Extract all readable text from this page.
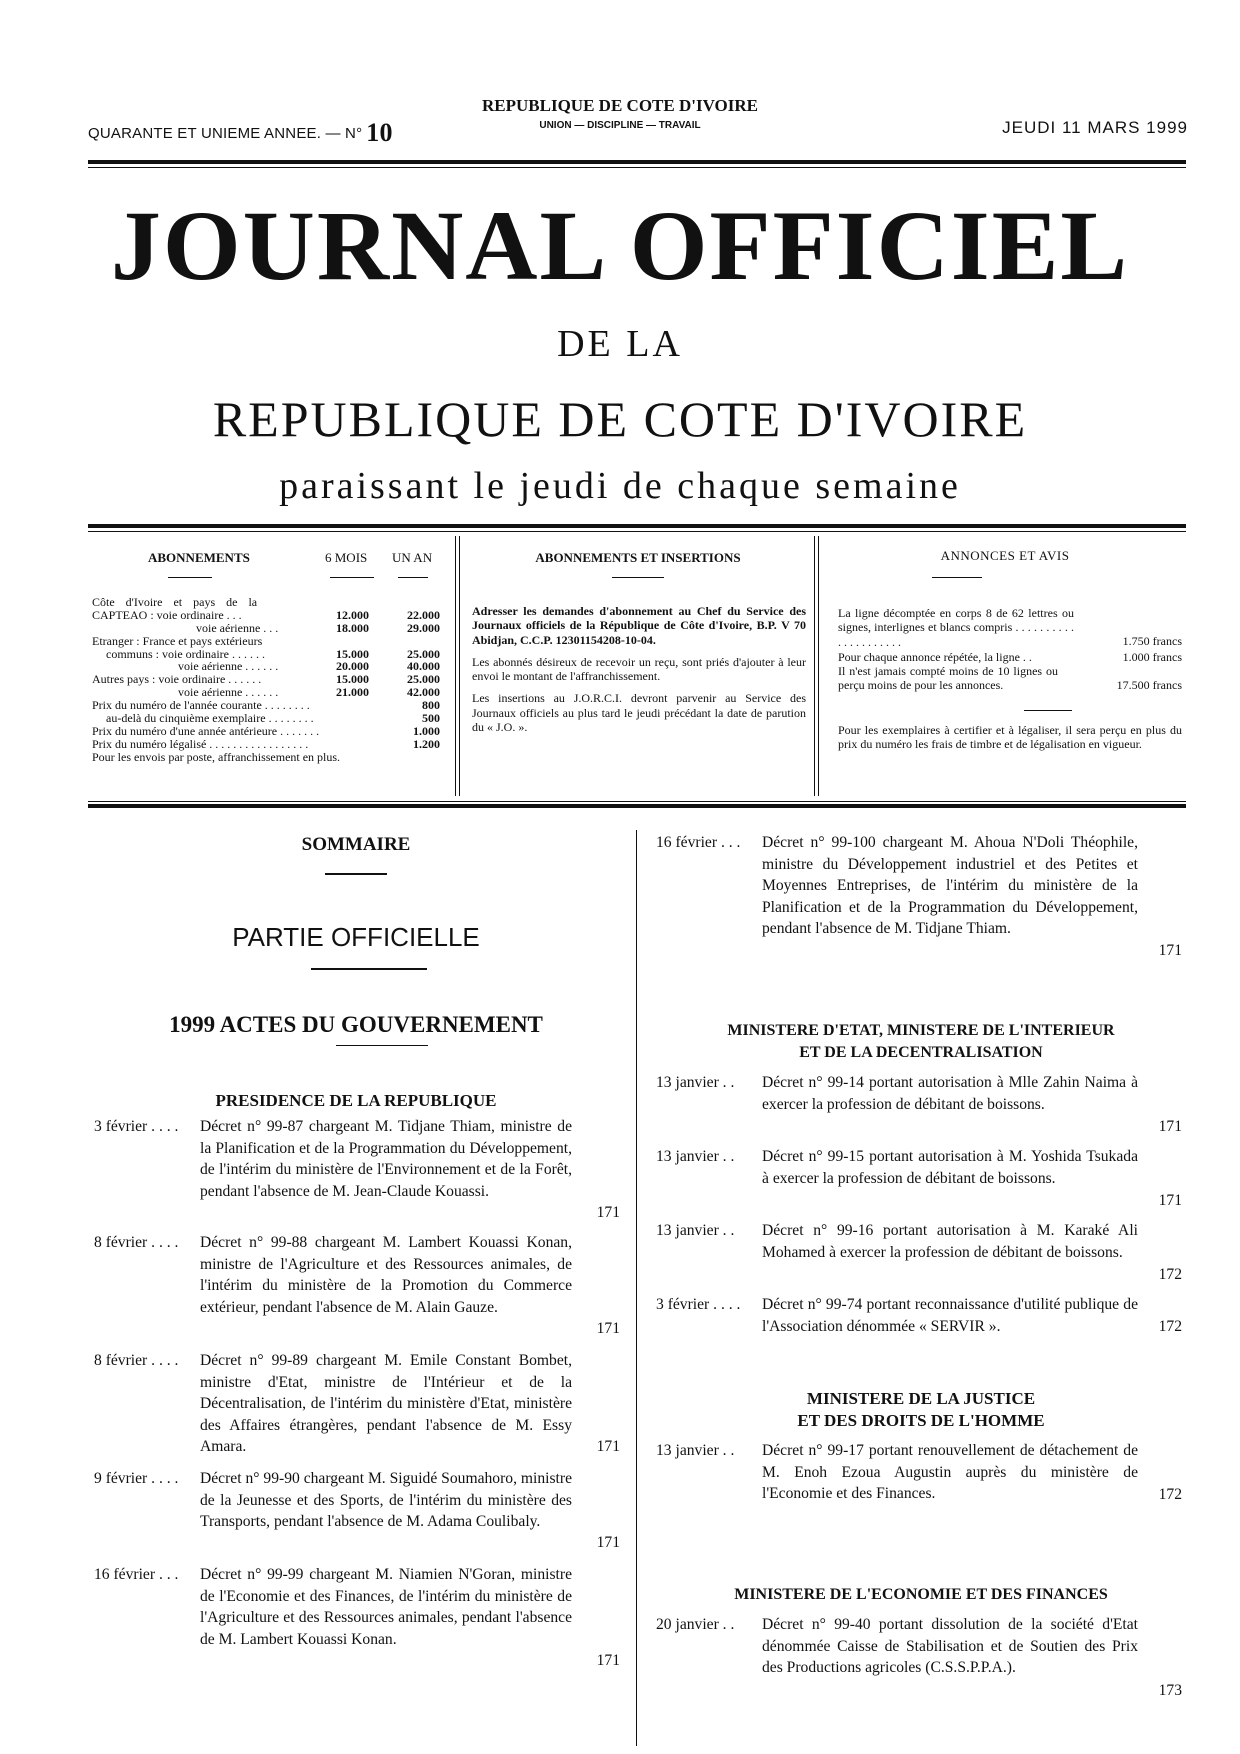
QUARANTE ET UNIEME ANNEE. — N° 10
REPUBLIQUE DE COTE D'IVOIRE
UNION — DISCIPLINE — TRAVAIL	JEUDI 11 MARS 1999
JOURNAL OFFICIEL
DE LA
REPUBLIQUE DE COTE D'IVOIRE
paraissant le jeudi de chaque semaine
ABONNEMENTS	6 MOIS UN AN
Côte d'Ivoire et pays de la
CAPTEAO : voie ordinaire . . .	12.000	22.000
voie aérienne . . .	18.000	29.000
Etranger : France et pays extérieurs
communs : voie ordinaire . . . . . .	15.000	25.000
voie aérienne . . . . . .	20.000	40.000
Autres pays : voie ordinaire . . . . . .	15.000	25.000
voie aérienne . . . . . .	21.000	42.000
Prix du numéro de l'année courante . . . . . . . .	800
au-delà du cinquième exemplaire . . . . . . . .	500
Prix du numéro d'une année antérieure . . . . . . .	1.000
Prix du numéro légalisé . . . . . . . . . . . . . . . . .	1.200
Pour les envois par poste, affranchissement en plus.
ABONNEMENTS ET INSERTIONS

Adresser les demandes d'abonnement au Chef du Service des Journaux officiels de la République de Côte d'Ivoire, B.P. V 70 Abidjan, C.C.P. 12301154208-10-04.

Les abonnés désireux de recevoir un reçu, sont priés d'ajouter à leur envoi le montant de l'affranchissement.

Les insertions au J.O.R.C.I. devront parvenir au Service des Journaux officiels au plus tard le jeudi précédant la date de parution du « J.O. ».

ANNONCES ET AVIS
La ligne décomptée en corps 8 de 62 lettres ou signes, interlignes et blancs compris . . . . . . . . . . . . . . . . . . . . .	1.750 francs
Pour chaque annonce répétée, la ligne . .	1.000 francs
Il n'est jamais compté moins de 10 lignes ou perçu moins de pour les annonces.	17.500 francs
Pour les exemplaires à certifier et à légaliser, il sera perçu en plus du prix du numéro les frais de timbre et de légalisation en vigueur.
SOMMAIRE
PARTIE OFFICIELLE
1999 ACTES DU GOUVERNEMENT
PRESIDENCE DE LA REPUBLIQUE
3 février . . . . Décret n° 99-87 chargeant M. Tidjane Thiam, ministre de la Planification et de la Programmation du Développement, de l'intérim du ministère de l'Environnement et de la Forêt, pendant l'absence de M. Jean-Claude Kouassi.
171
8 février . . . . Décret n° 99-88 chargeant M. Lambert Kouassi Konan, ministre de l'Agriculture et des Ressources animales, de l'intérim du ministère de la Promotion du Commerce extérieur, pendant l'absence de M. Alain Gauze.
171
8 février . . . . Décret n° 99-89 chargeant M. Emile Constant Bombet, ministre d'Etat, ministre de l'Intérieur et de la Décentralisation, de l'intérim du ministère d'Etat, ministère des Affaires étrangères, pendant l'absence de M. Essy Amara.	171
9 février . . . . Décret n° 99-90 chargeant M. Siguidé Soumahoro, ministre de la Jeunesse et des Sports, de l'intérim du ministère des Transports, pendant l'absence de M. Adama Coulibaly.
171
16 février . . . Décret n° 99-99 chargeant M. Niamien N'Goran, ministre de l'Economie et des Finances, de l'intérim du ministère de l'Agriculture et des Ressources animales, pendant l'absence de M. Lambert Kouassi Konan.
171
16 février . . . Décret n° 99-100 chargeant M. Ahoua N'Doli Théophile, ministre du Développement industriel et des Petites et Moyennes Entreprises, de l'intérim du ministère de la Planification et de la Programmation du Développement, pendant l'absence de M. Tidjane Thiam.
171
MINISTERE D'ETAT, MINISTERE DE L'INTERIEUR
ET DE LA DECENTRALISATION
13 janvier . . Décret n° 99-14 portant autorisation à Mlle Zahin Naima à exercer la profession de débitant de boissons.
171
13 janvier . . Décret n° 99-15 portant autorisation à M. Yoshida Tsukada à exercer la profession de débitant de boissons.
171
13 janvier . . Décret n° 99-16 portant autorisation à M. Karaké Ali Mohamed à exercer la profession de débitant de boissons.
172
3 février . . . . Décret n° 99-74 portant reconnaissance d'utilité publique de l'Association dénommée « SERVIR ».	172
MINISTERE DE LA JUSTICE
ET DES DROITS DE L'HOMME
13 janvier . . Décret n° 99-17 portant renouvellement de détachement de M. Enoh Ezoua Augustin auprès du ministère de l'Economie et des Finances.	172
MINISTERE DE L'ECONOMIE ET DES FINANCES
20 janvier . . Décret n° 99-40 portant dissolution de la société d'Etat dénommée Caisse de Stabilisation et de Soutien des Prix des Productions agricoles (C.S.S.P.P.A.).
173
